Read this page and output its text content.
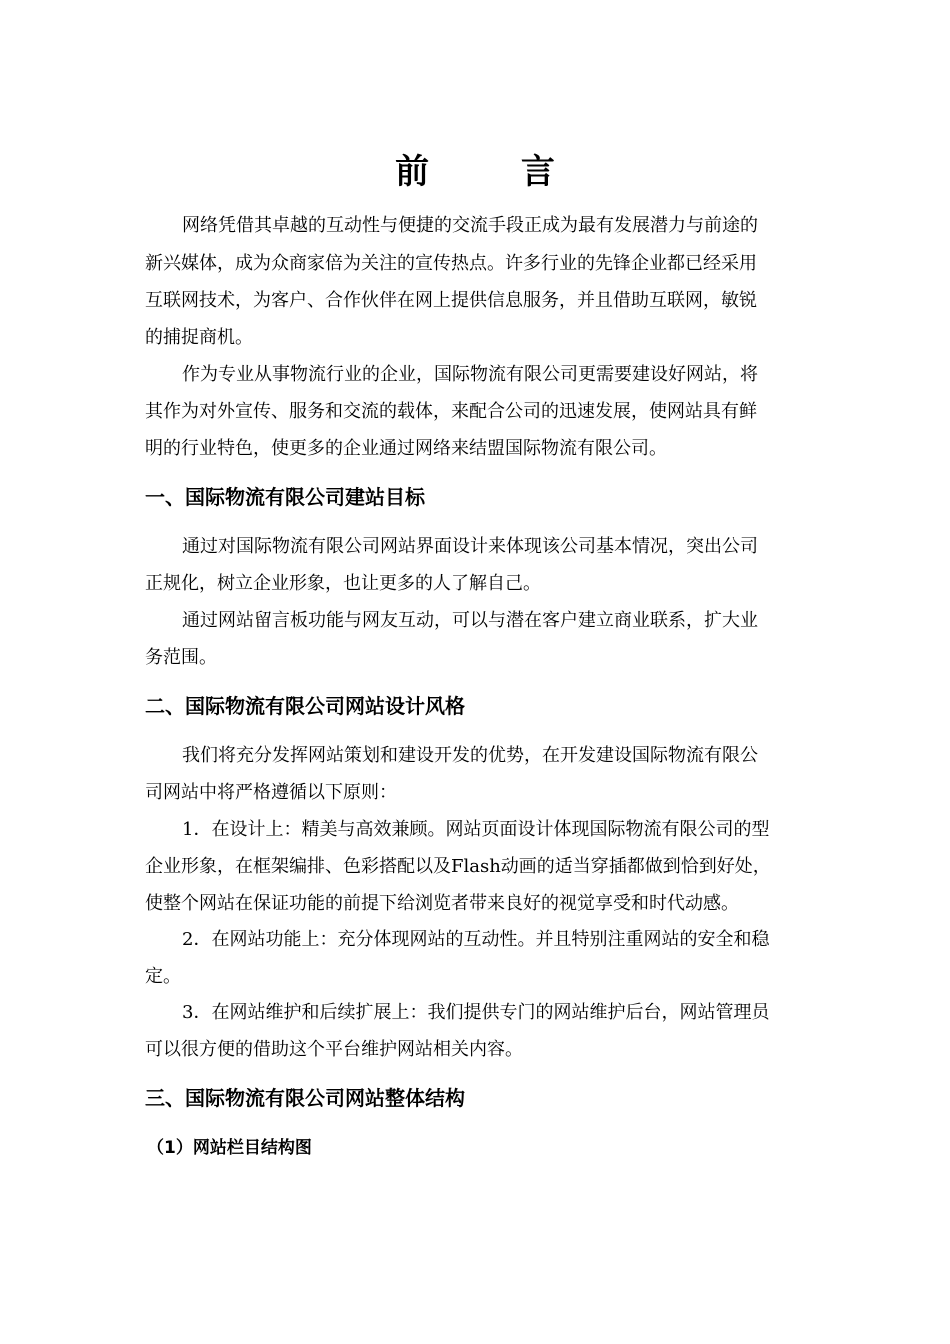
前 言
网络凭借其卓越的互动性与便捷的交流手段正成为最有发展潜力与前途的
新兴媒体，成为众商家倍为关注的宣传热点。许多行业的先锋企业都已经采用
互联网技术，为客户、合作伙伴在网上提供信息服务，并且借助互联网，敏锐
的捕捉商机。
作为专业从事物流行业的企业，国际物流有限公司更需要建设好网站，将
其作为对外宣传、服务和交流的载体，来配合公司的迅速发展，使网站具有鲜
明的行业特色，使更多的企业通过网络来结盟国际物流有限公司。
一、国际物流有限公司建站目标
通过对国际物流有限公司网站界面设计来体现该公司基本情况，突出公司
正规化，树立企业形象，也让更多的人了解自己。
通过网站留言板功能与网友互动，可以与潜在客户建立商业联系，扩大业
务范围。
二、国际物流有限公司网站设计风格
我们将充分发挥网站策划和建设开发的优势，在开发建设国际物流有限公
司网站中将严格遵循以下原则：
1．在设计上：精美与高效兼顾。网站页面设计体现国际物流有限公司的型
企业形象，在框架编排、色彩搭配以及Flash动画的适当穿插都做到恰到好处，
使整个网站在保证功能的前提下给浏览者带来良好的视觉享受和时代动感。
2．在网站功能上：充分体现网站的互动性。并且特别注重网站的安全和稳
定。
3．在网站维护和后续扩展上：我们提供专门的网站维护后台，网站管理员
可以很方便的借助这个平台维护网站相关内容。
三、国际物流有限公司网站整体结构
（1）网站栏目结构图
